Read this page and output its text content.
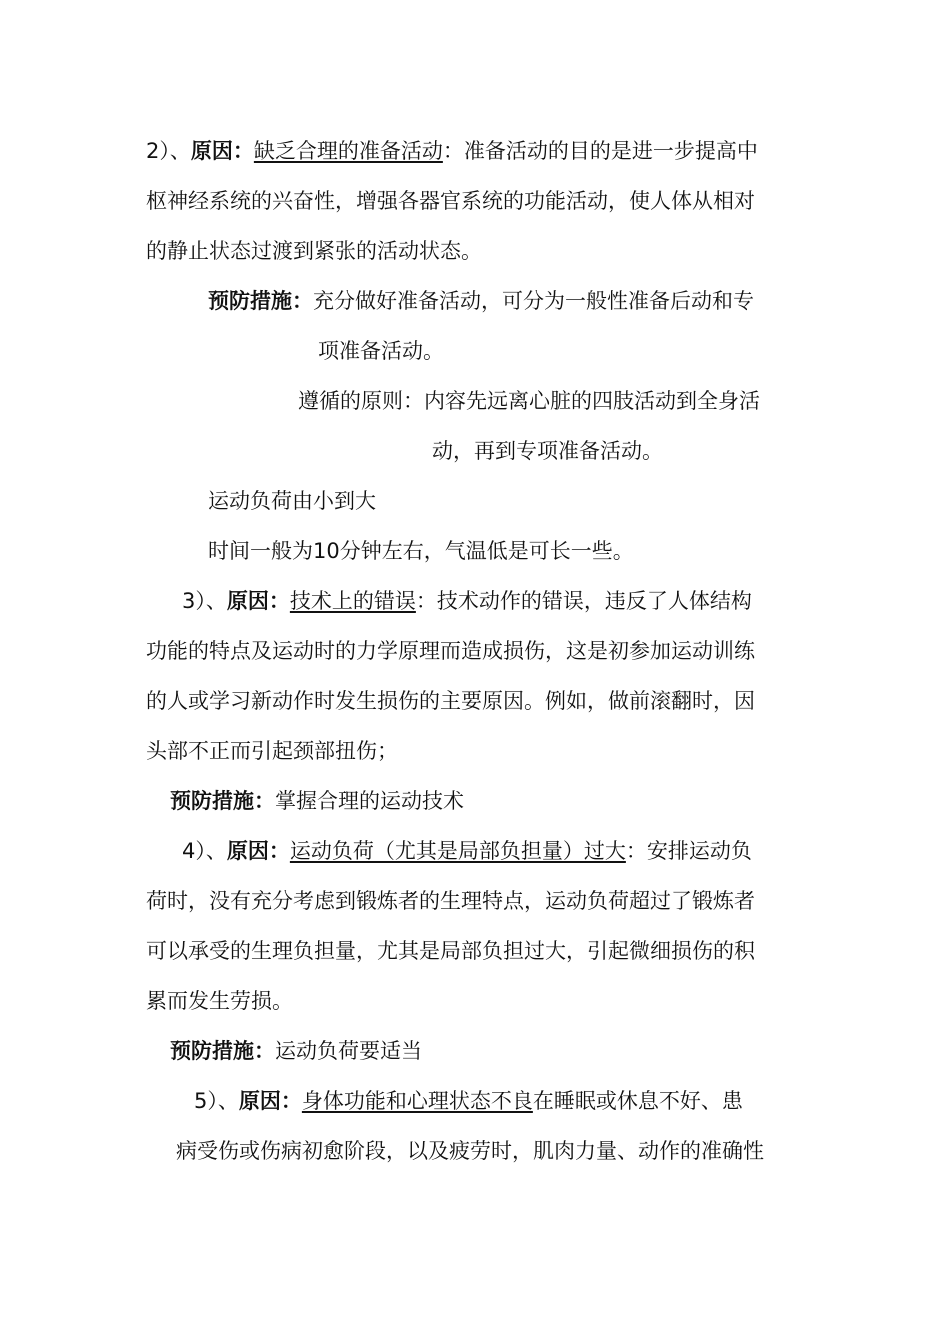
2）、原因：缺乏合理的准备活动：准备活动的目的是进一步提高中
枢神经系统的兴奋性，增强各器官系统的功能活动，使人体从相对
的静止状态过渡到紧张的活动状态。
预防措施：充分做好准备活动，可分为一般性准备后动和专
项准备活动。
遵循的原则：内容先远离心脏的四肢活动到全身活
动，再到专项准备活动。
运动负荷由小到大
时间一般为10分钟左右，气温低是可长一些。
3）、原因：技术上的错误：技术动作的错误，违反了人体结构
功能的特点及运动时的力学原理而造成损伤，这是初参加运动训练
的人或学习新动作时发生损伤的主要原因。例如，做前滚翻时，因
头部不正而引起颈部扭伤；
预防措施：掌握合理的运动技术
4）、原因：运动负荷（尤其是局部负担量）过大：安排运动负
荷时，没有充分考虑到锻炼者的生理特点，运动负荷超过了锻炼者
可以承受的生理负担量，尤其是局部负担过大，引起微细损伤的积
累而发生劳损。
预防措施：运动负荷要适当
5）、原因：身体功能和心理状态不良在睡眠或休息不好、患
病受伤或伤病初愈阶段，以及疲劳时，肌肉力量、动作的准确性
